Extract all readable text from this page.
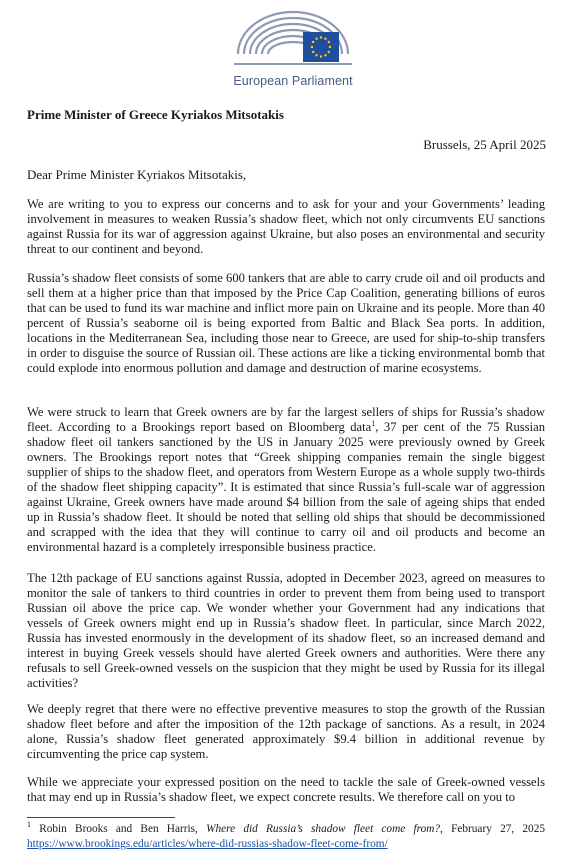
European Parliament
Prime Minister of Greece Kyriakos Mitsotakis
Brussels, 25 April 2025
Dear Prime Minister Kyriakos Mitsotakis,
We are writing to you to express our concerns and to ask for your and your Governments’ leading involvement in measures to weaken Russia’s shadow fleet, which not only circumvents EU sanctions against Russia for its war of aggression against Ukraine, but also poses an environmental and security threat to our continent and beyond.
Russia’s shadow fleet consists of some 600 tankers that are able to carry crude oil and oil products and sell them at a higher price than that imposed by the Price Cap Coalition, generating billions of euros that can be used to fund its war machine and inflict more pain on Ukraine and its people. More than 40 percent of Russia’s seaborne oil is being exported from Baltic and Black Sea ports. In addition, locations in the Mediterranean Sea, including those near to Greece, are used for ship-to-ship transfers in order to disguise the source of Russian oil. These actions are like a ticking environmental bomb that could explode into enormous pollution and damage and destruction of marine ecosystems.
We were struck to learn that Greek owners are by far the largest sellers of ships for Russia’s shadow fleet. According to a Brookings report based on Bloomberg data$^1$, 37 per cent of the 75 Russian shadow fleet oil tankers sanctioned by the US in January 2025 were previously owned by Greek owners. The Brookings report notes that “Greek shipping companies remain the single biggest supplier of ships to the shadow fleet, and operators from Western Europe as a whole supply two-thirds of the shadow fleet shipping capacity”. It is estimated that since Russia’s full-scale war of aggression against Ukraine, Greek owners have made around $4 billion from the sale of ageing ships that ended up in Russia’s shadow fleet. It should be noted that selling old ships that should be decommissioned and scrapped with the idea that they will continue to carry oil and oil products and become an environmental hazard is a completely irresponsible business practice.
The 12th package of EU sanctions against Russia, adopted in December 2023, agreed on measures to monitor the sale of tankers to third countries in order to prevent them from being used to transport Russian oil above the price cap. We wonder whether your Government had any indications that vessels of Greek owners might end up in Russia’s shadow fleet. In particular, since March 2022, Russia has invested enormously in the development of its shadow fleet, so an increased demand and interest in buying Greek vessels should have alerted Greek owners and authorities. Were there any refusals to sell Greek-owned vessels on the suspicion that they might be used by Russia for its illegal activities?
We deeply regret that there were no effective preventive measures to stop the growth of the Russian shadow fleet before and after the imposition of the 12th package of sanctions. As a result, in 2024 alone, Russia’s shadow fleet generated approximately $9.4 billion in additional revenue by circumventing the price cap system.
While we appreciate your expressed position on the need to tackle the sale of Greek-owned vessels that may end up in Russia’s shadow fleet, we expect concrete results. We therefore call on you to
$^1$ Robin Brooks and Ben Harris, Where did Russia’s shadow fleet come from?, February 27, 2025
https://www.brookings.edu/articles/where-did-russias-shadow-fleet-come-from/
